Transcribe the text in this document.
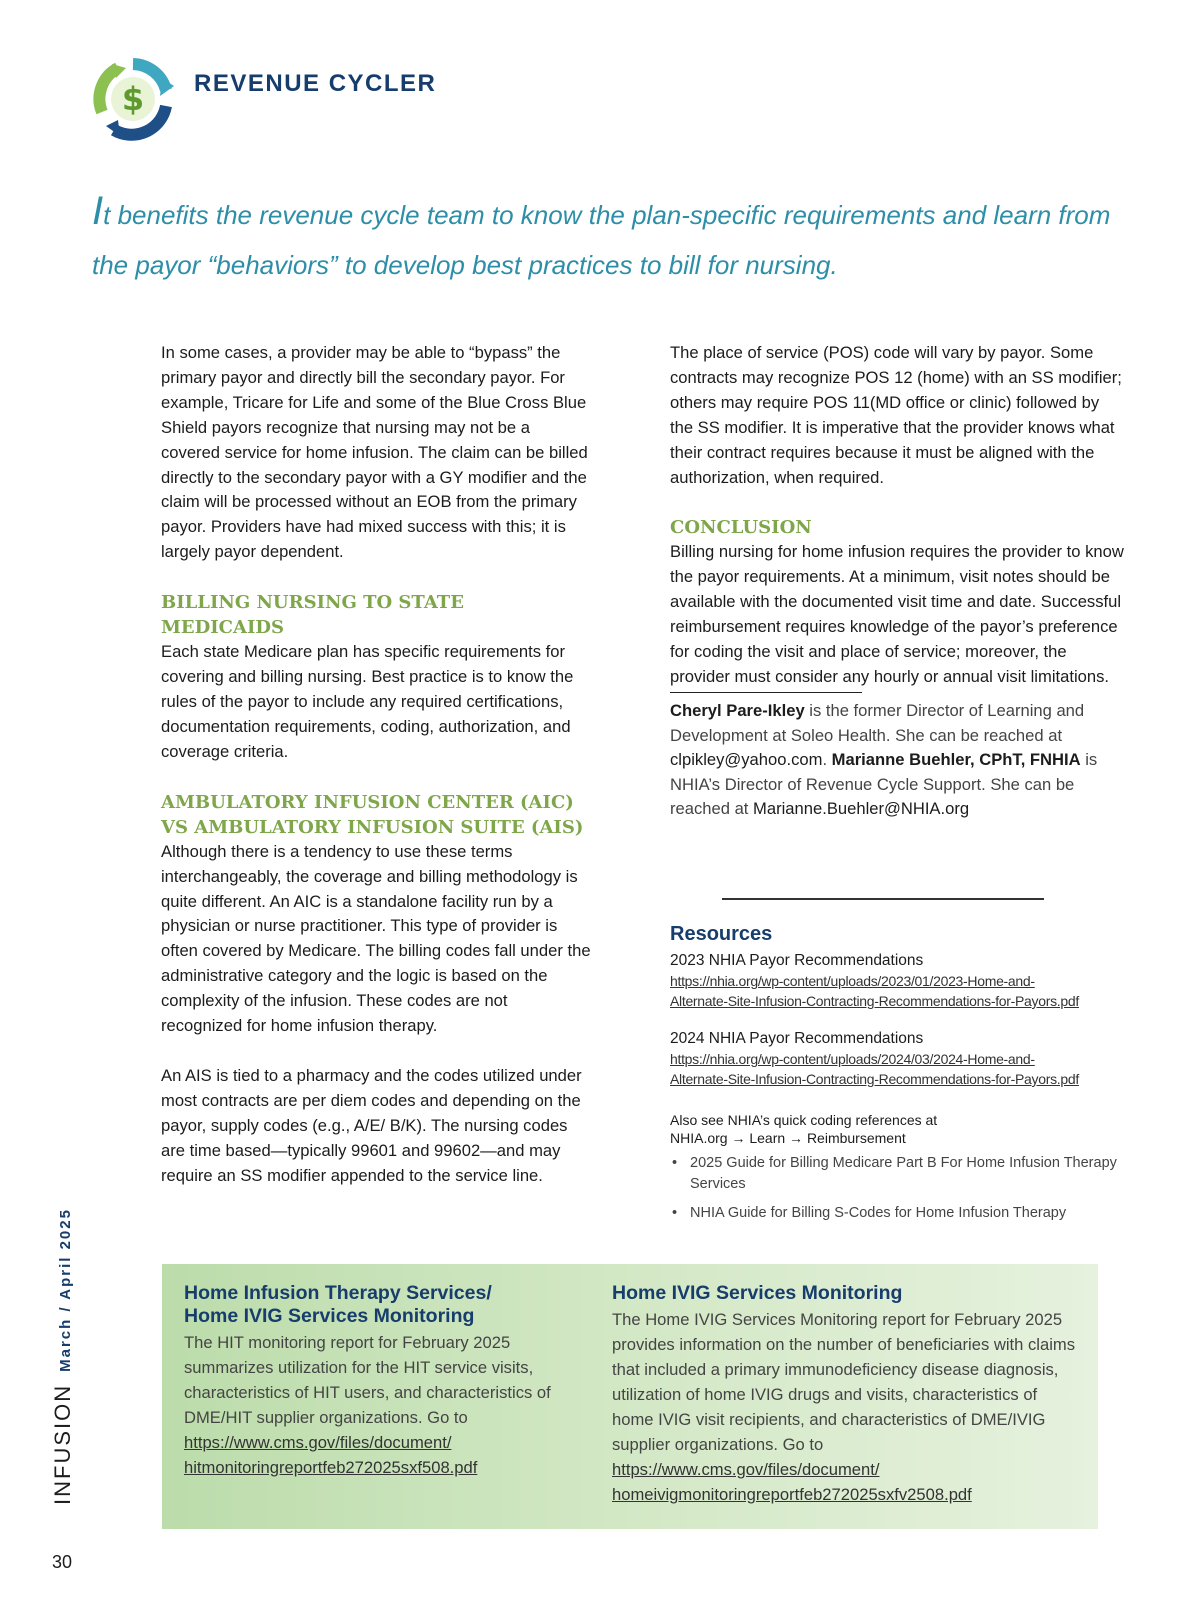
$ REVENUE CYCLER
It benefits the revenue cycle team to know the plan-specific requirements and learn from the payor “behaviors” to develop best practices to bill for nursing.

In some cases, a provider may be able to “bypass” the primary payor and directly bill the secondary payor. For example, Tricare for Life and some of the Blue Cross Blue Shield payors recognize that nursing may not be a covered service for home infusion. The claim can be billed directly to the secondary payor with a GY modifier and the claim will be processed without an EOB from the primary payor. Providers have had mixed success with this; it is largely payor dependent.

BILLING NURSING TO STATE MEDICAIDS

Each state Medicare plan has specific requirements for covering and billing nursing. Best practice is to know the rules of the payor to include any required certifications, documentation requirements, coding, authorization, and coverage criteria.

AMBULATORY INFUSION CENTER (AIC)
VS AMBULATORY INFUSION SUITE (AIS)

Although there is a tendency to use these terms interchangeably, the coverage and billing methodology is quite different. An AIC is a standalone facility run by a physician or nurse practitioner. This type of provider is often covered by Medicare. The billing codes fall under the administrative category and the logic is based on the complexity of the infusion. These codes are not recognized for home infusion therapy.

An AIS is tied to a pharmacy and the codes utilized under most contracts are per diem codes and depending on the payor, supply codes (e.g., A/E/ B/K). The nursing codes are time based—typically 99601 and 99602—and may require an SS modifier appended to the service line.

The place of service (POS) code will vary by payor. Some contracts may recognize POS 12 (home) with an SS modifier; others may require POS 11(MD office or clinic) followed by the SS modifier. It is imperative that the provider knows what their contract requires because it must be aligned with the authorization, when required.

CONCLUSION

Billing nursing for home infusion requires the provider to know the payor requirements. At a minimum, visit notes should be available with the documented visit time and date. Successful reimbursement requires knowledge of the payor’s preference for coding the visit and place of service; moreover, the provider must consider any hourly or annual visit limitations.

Cheryl Pare-Ikley is the former Director of Learning and Development at Soleo Health. She can be reached at clpikley@yahoo.com. Marianne Buehler, CPhT, FNHIA is NHIA’s Director of Revenue Cycle Support. She can be reached at Marianne.Buehler@NHIA.org

Resources
2023 NHIA Payor Recommendations
https://nhia.org/wp-content/uploads/2023/01/2023-Home-and-
Alternate-Site-Infusion-Contracting-Recommendations-for-Payors.pdf
2024 NHIA Payor Recommendations
https://nhia.org/wp-content/uploads/2024/03/2024-Home-and-
Alternate-Site-Infusion-Contracting-Recommendations-for-Payors.pdf
Also see NHIA’s quick coding references at
NHIA.org → Learn → Reimbursement
• 2025 Guide for Billing Medicare Part B For Home Infusion Therapy Services
• NHIA Guide for Billing S-Codes for Home Infusion Therapy
Home Infusion Therapy Services/
Home IVIG Services Monitoring
The HIT monitoring report for February 2025 summarizes utilization for the HIT service visits, characteristics of HIT users, and characteristics of DME/HIT supplier organizations. Go to
https://www.cms.gov/files/document/
hitmonitoringreportfeb272025sxf508.pdf
Home IVIG Services Monitoring
The Home IVIG Services Monitoring report for February 2025 provides information on the number of beneficiaries with claims that included a primary immunodeficiency disease diagnosis, utilization of home IVIG drugs and visits, characteristics of home IVIG visit recipients, and characteristics of DME/IVIG supplier organizations. Go to https://www.cms.gov/files/document/
homeivigmonitoringreportfeb272025sxfv2508.pdf
INFUSION
March / April 2025
30
